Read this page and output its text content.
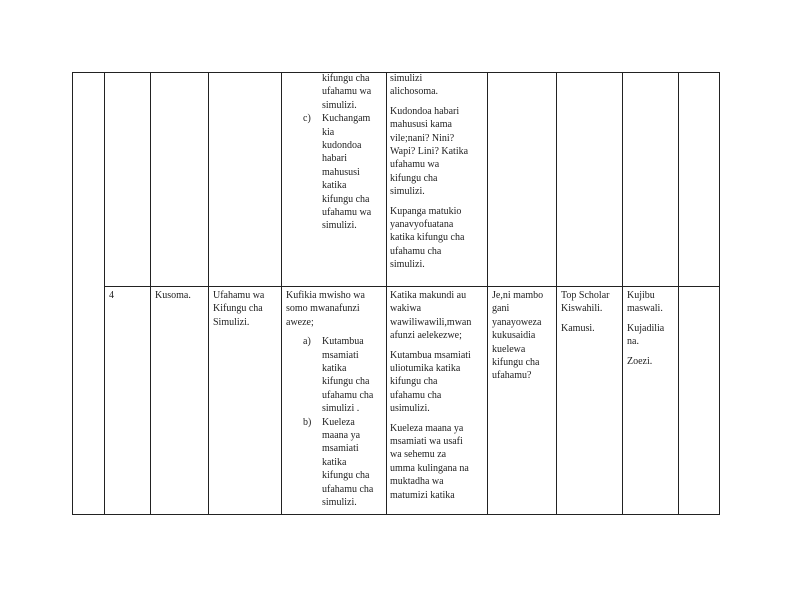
kifungu cha
ufahamu wa
simulizi.
c) Kuchangam
kia
kudondoa
habari
mahususi
katika
kifungu cha
ufahamu wa
simulizi.

simulizi
alichosoma.

Kudondoa habari
mahususi kama
vile;nani? Nini?
Wapi? Lini? Katika
ufahamu wa
kifungu cha
simulizi.

Kupanga matukio
yanavyofuatana
katika kifungu cha
ufahamu cha
simulizi.

4	Kusoma.	Ufahamu wa
Kifungu cha
Simulizi.

Kufikia mwisho wa
somo mwanafunzi
aweze;

a) Kutambua
msamiati
katika
kifungu cha
ufahamu cha
simulizi .
b) Kueleza
maana ya
msamiati
katika
kifungu cha
ufahamu cha
simulizi.

Katika makundi au
wakiwa
wawiliwawili,mwan
afunzi aelekezwe;

Kutambua msamiati
uliotumika katika
kifungu cha
ufahamu cha
usimulizi.

Kueleza maana ya
msamiati wa usafi
wa sehemu za
umma kulingana na
muktadha wa
matumizi katika

Je,ni mambo
gani
yanayoweza
kukusaidia
kuelewa
kifungu cha
ufahamu?

Top Scholar
Kiswahili.

Kamusi.

Kujibu
maswali.

Kujadilia
na.

Zoezi.
